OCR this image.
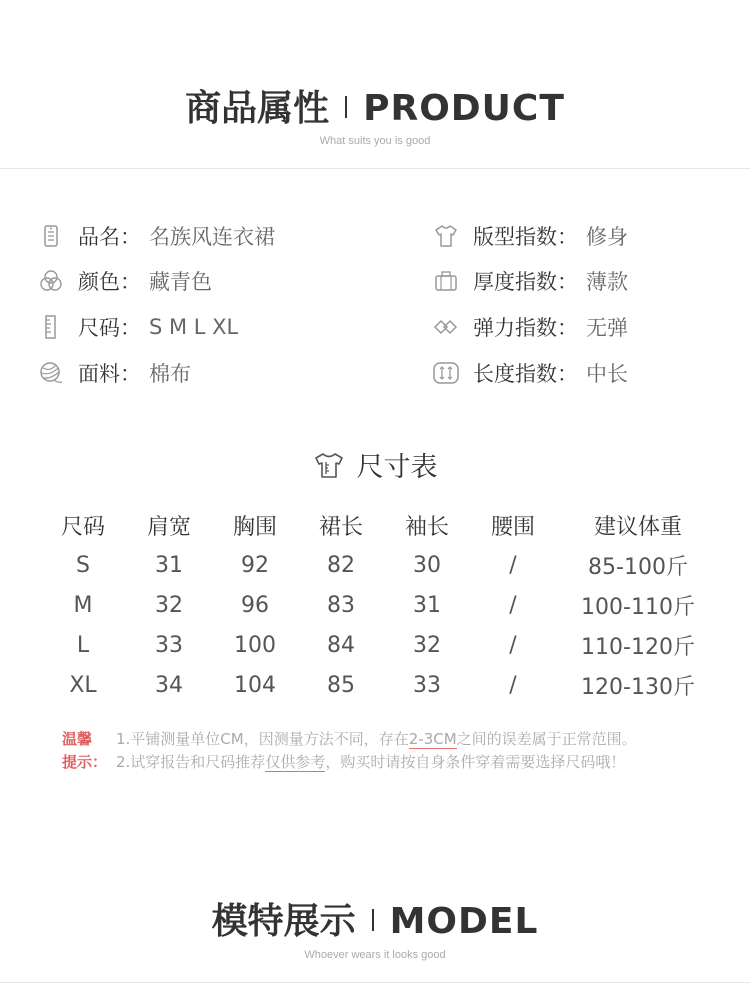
商品属性 PRODUCT
What suits you is good
品名 ： 名族风连衣裙
颜色 ： 藏青色
尺码 ： S M L XL
面料 ： 棉布
版型指数 ： 修身
厚度指数 ： 薄款
弹力指数 ： 无弹
长度指数 ： 中长
尺寸表
尺码	肩宽	胸围	裙长	袖长	腰围	建议体重
S	31	92	82	30	/	85-100斤
M	32	96	83	31	/	100-110斤
L	33	100	84	32	/	110-120斤
XL	34	104	85	33	/	120-130斤
温馨	1.平铺测量单位CM，因测量方法不同，存在2-3CM之间的误差属于正常范围。
提示： 2.试穿报告和尺码推荐仅供参考，购买时请按自身条件穿着需要选择尺码哦！
模特展示 MODEL
Whoever wears it looks good
